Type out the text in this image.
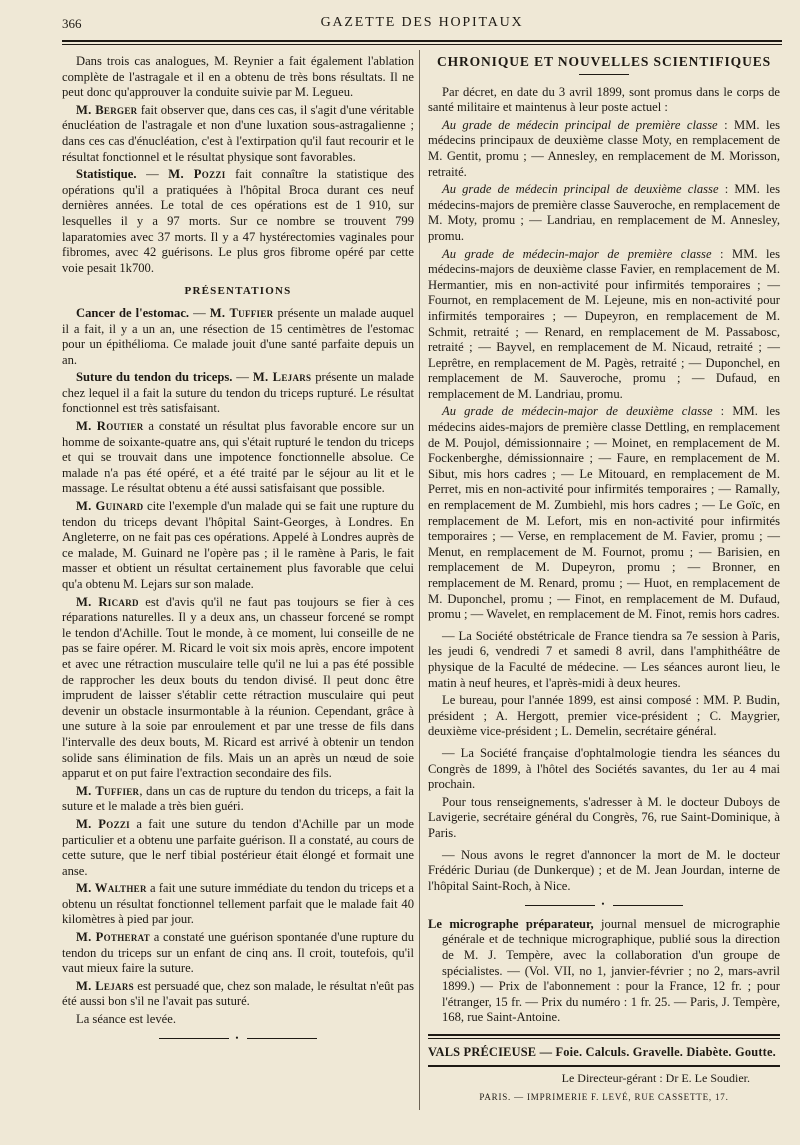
366	GAZETTE DES HOPITAUX

Dans trois cas analogues, M. Reynier a fait également l'ablation complète de l'astragale et il en a obtenu de très bons résultats. Il ne peut donc qu'approuver la conduite suivie par M. Legueu.

M. Berger fait observer que, dans ces cas, il s'agit d'une véritable énucléation de l'astragale et non d'une luxation sous-astragalienne ; dans ces cas d'énucléation, c'est à l'extirpation qu'il faut recourir et le résultat fonctionnel et le résultat physique sont favorables.

Statistique. — M. Pozzi fait connaître la statistique des opérations qu'il a pratiquées à l'hôpital Broca durant ces neuf dernières années. Le total de ces opérations est de 1 910, sur lesquelles il y a 97 morts. Sur ce nombre se trouvent 799 laparatomies avec 37 morts. Il y a 47 hystérectomies vaginales pour fibromes, avec 42 guérisons. Le plus gros fibrome opéré par cette voie pesait 1k700.

PRÉSENTATIONS

Cancer de l'estomac. — M. Tuffier présente un malade auquel il a fait, il y a un an, une résection de 15 centimètres de l'estomac pour un épithélioma. Ce malade jouit d'une santé parfaite depuis un an.

Suture du tendon du triceps. — M. Lejars présente un malade chez lequel il a fait la suture du tendon du triceps rupturé. Le résultat fonctionnel est très satisfaisant.

M. Routier a constaté un résultat plus favorable encore sur un homme de soixante-quatre ans, qui s'était rupturé le tendon du triceps et qui se trouvait dans une impotence fonctionnelle absolue. Ce malade n'a pas été opéré, et a été traité par le séjour au lit et le massage. Le résultat obtenu a été aussi satisfaisant que possible.

M. Guinard cite l'exemple d'un malade qui se fait une rupture du tendon du triceps devant l'hôpital Saint-Georges, à Londres. En Angleterre, on ne fait pas ces opérations. Appelé à Londres auprès de ce malade, M. Guinard ne l'opère pas ; il le ramène à Paris, le fait masser et obtient un résultat certainement plus favorable que celui qu'a obtenu M. Lejars sur son malade.

M. Ricard est d'avis qu'il ne faut pas toujours se fier à ces réparations naturelles. Il y a deux ans, un chasseur forcené se rompt le tendon d'Achille. Tout le monde, à ce moment, lui conseille de ne pas se faire opérer. M. Ricard le voit six mois après, encore impotent et avec une rétraction musculaire telle qu'il ne lui a pas été possible de rapprocher les deux bouts du tendon divisé. Il peut donc être imprudent de laisser s'établir cette rétraction musculaire qui peut devenir un obstacle insurmontable à la réunion. Cependant, grâce à une suture à la soie par enroulement et par une tresse de fils dans l'intervalle des deux bouts, M. Ricard est arrivé à obtenir un tendon solide sans élimination de fils. Mais un an après un nœud de soie apparut et on put faire l'extraction secondaire des fils.

M. Tuffier, dans un cas de rupture du tendon du triceps, a fait la suture et le malade a très bien guéri.

M. Pozzi a fait une suture du tendon d'Achille par un mode particulier et a obtenu une parfaite guérison. Il a constaté, au cours de cette suture, que le nerf tibial postérieur était élongé et formait une anse.

M. Walther a fait une suture immédiate du tendon du triceps et a obtenu un résultat fonctionnel tellement parfait que le malade fait 40 kilomètres à pied par jour.

M. Potherat a constaté une guérison spontanée d'une rupture du tendon du triceps sur un enfant de cinq ans. Il croit, toutefois, qu'il vaut mieux faire la suture.

M. Lejars est persuadé que, chez son malade, le résultat n'eût pas été aussi bon s'il ne l'avait pas suturé.

La séance est levée.

•
CHRONIQUE ET NOUVELLES SCIENTIFIQUES

Par décret, en date du 3 avril 1899, sont promus dans le corps de santé militaire et maintenus à leur poste actuel :

Au grade de médecin principal de première classe : MM. les médecins principaux de deuxième classe Moty, en remplacement de M. Gentit, promu ; — Annesley, en remplacement de M. Morisson, retraité.

Au grade de médecin principal de deuxième classe : MM. les médecins-majors de première classe Sauveroche, en remplacement de M. Moty, promu ; — Landriau, en remplacement de M. Annesley, promu.

Au grade de médecin-major de première classe : MM. les médecins-majors de deuxième classe Favier, en remplacement de M. Hermantier, mis en non-activité pour infirmités temporaires ; — Fournot, en remplacement de M. Lejeune, mis en non-activité pour infirmités temporaires ; — Dupeyron, en remplacement de M. Schmit, retraité ; — Renard, en remplacement de M. Passabosc, retraité ; — Bayvel, en remplacement de M. Nicaud, retraité ; — Leprêtre, en remplacement de M. Pagès, retraité ; — Duponchel, en remplacement de M. Sauveroche, promu ; — Dufaud, en remplacement de M. Landriau, promu.

Au grade de médecin-major de deuxième classe : MM. les médecins aides-majors de première classe Dettling, en remplacement de M. Poujol, démissionnaire ; — Moinet, en remplacement de M. Fockenberghe, démissionnaire ; — Faure, en remplacement de M. Sibut, mis hors cadres ; — Le Mitouard, en remplacement de M. Perret, mis en non-activité pour infirmités temporaires ; — Ramally, en remplacement de M. Zumbiehl, mis hors cadres ; — Le Goïc, en remplacement de M. Lefort, mis en non-activité pour infirmités temporaires ; — Verse, en remplacement de M. Favier, promu ; — Menut, en remplacement de M. Fournot, promu ; — Barisien, en remplacement de M. Dupeyron, promu ; — Bronner, en remplacement de M. Renard, promu ; — Huot, en remplacement de M. Duponchel, promu ; — Finot, en remplacement de M. Dufaud, promu ; — Wavelet, en remplacement de M. Finot, remis hors cadres.

— La Société obstétricale de France tiendra sa 7e session à Paris, les jeudi 6, vendredi 7 et samedi 8 avril, dans l'amphithéâtre de physique de la Faculté de médecine. — Les séances auront lieu, le matin à neuf heures, et l'après-midi à deux heures.

Le bureau, pour l'année 1899, est ainsi composé : MM. P. Budin, président ; A. Hergott, premier vice-président ; C. Maygrier, deuxième vice-président ; L. Demelin, secrétaire général.

— La Société française d'ophtalmologie tiendra les séances du Congrès de 1899, à l'hôtel des Sociétés savantes, du 1er au 4 mai prochain.

Pour tous renseignements, s'adresser à M. le docteur Duboys de Lavigerie, secrétaire général du Congrès, 76, rue Saint-Dominique, à Paris.

— Nous avons le regret d'annoncer la mort de M. le docteur Frédéric Duriau (de Dunkerque) ; et de M. Jean Jourdan, interne de l'hôpital Saint-Roch, à Nice.

•

Le micrographe préparateur, journal mensuel de micrographie générale et de technique micrographique, publié sous la direction de M. J. Tempère, avec la collaboration d'un groupe de spécialistes. — (Vol. VII, no 1, janvier-février ; no 2, mars-avril 1899.) — Prix de l'abonnement : pour la France, 12 fr. ; pour l'étranger, 15 fr. — Prix du numéro : 1 fr. 25. — Paris, J. Tempère, 168, rue Saint-Antoine.

VALS PRÉCIEUSE — Foie. Calculs. Gravelle. Diabète. Goutte.
Le Directeur-gérant : Dr E. Le Soudier.
PARIS. — IMPRIMERIE F. LEVÉ, RUE CASSETTE, 17.
